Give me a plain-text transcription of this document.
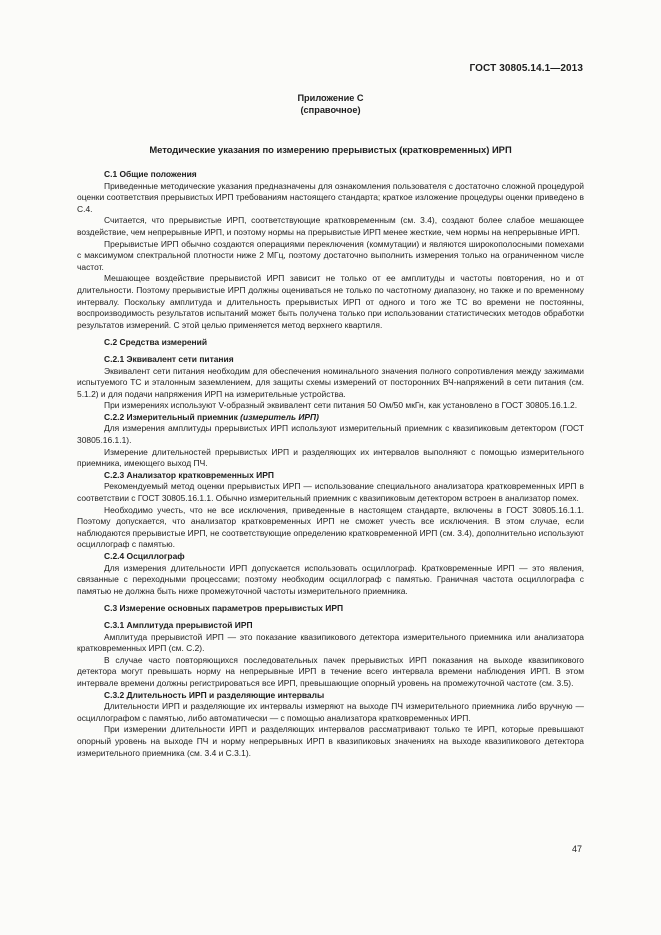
ГОСТ 30805.14.1—2013
Приложение С
(справочное)
Методические указания по измерению прерывистых (кратковременных) ИРП

С.1 Общие положения

Приведенные методические указания предназначены для ознакомления пользователя с достаточно сложной процедурой оценки соответствия прерывистых ИРП требованиям настоящего стандарта; краткое изложение процедуры оценки приведено в С.4.

Считается, что прерывистые ИРП, соответствующие кратковременным (см. 3.4), создают более слабое мешающее воздействие, чем непрерывные ИРП, и поэтому нормы на прерывистые ИРП менее жесткие, чем нормы на непрерывные ИРП.

Прерывистые ИРП обычно создаются операциями переключения (коммутации) и являются широкополосными помехами с максимумом спектральной плотности ниже 2 МГц, поэтому достаточно выполнить измерения только на ограниченном числе частот.

Мешающее воздействие прерывистой ИРП зависит не только от ее амплитуды и частоты повторения, но и от длительности. Поэтому прерывистые ИРП должны оцениваться не только по частотному диапазону, но также и по временному интервалу. Поскольку амплитуда и длительность прерывистых ИРП от одного и того же ТС во времени не постоянны, воспроизводимость результатов испытаний может быть получена только при использовании статистических методов обработки результатов измерений. С этой целью применяется метод верхнего квартиля.

С.2 Средства измерений

С.2.1 Эквивалент сети питания

Эквивалент сети питания необходим для обеспечения номинального значения полного сопротивления между зажимами испытуемого ТС и эталонным заземлением, для защиты схемы измерений от посторонних ВЧ-напряжений в сети питания (см. 5.1.2) и для подачи напряжения ИРП на измерительные устройства.

При измерениях используют V-образный эквивалент сети питания 50 Ом/50 мкГн, как установлено в ГОСТ 30805.16.1.2.

С.2.2 Измерительный приемник (измеритель ИРП)

Для измерения амплитуды прерывистых ИРП используют измерительный приемник с квазипиковым детектором (ГОСТ 30805.16.1.1).

Измерение длительностей прерывистых ИРП и разделяющих их интервалов выполняют с помощью измерительного приемника, имеющего выход ПЧ.

С.2.3 Анализатор кратковременных ИРП

Рекомендуемый метод оценки прерывистых ИРП — использование специального анализатора кратковременных ИРП в соответствии с ГОСТ 30805.16.1.1. Обычно измерительный приемник с квазипиковым детектором встроен в анализатор помех.

Необходимо учесть, что не все исключения, приведенные в настоящем стандарте, включены в ГОСТ 30805.16.1.1. Поэтому допускается, что анализатор кратковременных ИРП не сможет учесть все исключения. В этом случае, если наблюдаются прерывистые ИРП, не соответствующие определению кратковременной ИРП (см. 3.4), дополнительно используют осциллограф с памятью.

С.2.4 Осциллограф

Для измерения длительности ИРП допускается использовать осциллограф. Кратковременные ИРП — это явления, связанные с переходными процессами; поэтому необходим осциллограф с памятью. Граничная частота осциллографа с памятью не должна быть ниже промежуточной частоты измерительного приемника.

С.3 Измерение основных параметров прерывистых ИРП

С.3.1 Амплитуда прерывистой ИРП

Амплитуда прерывистой ИРП — это показание квазипикового детектора измерительного приемника или анализатора кратковременных ИРП (см. С.2).

В случае часто повторяющихся последовательных пачек прерывистых ИРП показания на выходе квазипикового детектора могут превышать норму на непрерывные ИРП в течение всего интервала времени наблюдения ИРП. В этом интервале времени должны регистрироваться все ИРП, превышающие опорный уровень на промежуточной частоте (см. 3.5).

С.3.2 Длительность ИРП и разделяющие интервалы

Длительности ИРП и разделяющие их интервалы измеряют на выходе ПЧ измерительного приемника либо вручную — осциллографом с памятью, либо автоматически — с помощью анализатора кратковременных ИРП.

При измерении длительности ИРП и разделяющих интервалов рассматривают только те ИРП, которые превышают опорный уровень на выходе ПЧ и норму непрерывных ИРП в квазипиковых значениях на выходе квазипикового детектора измерительного приемника (см. 3.4 и С.3.1).

47
